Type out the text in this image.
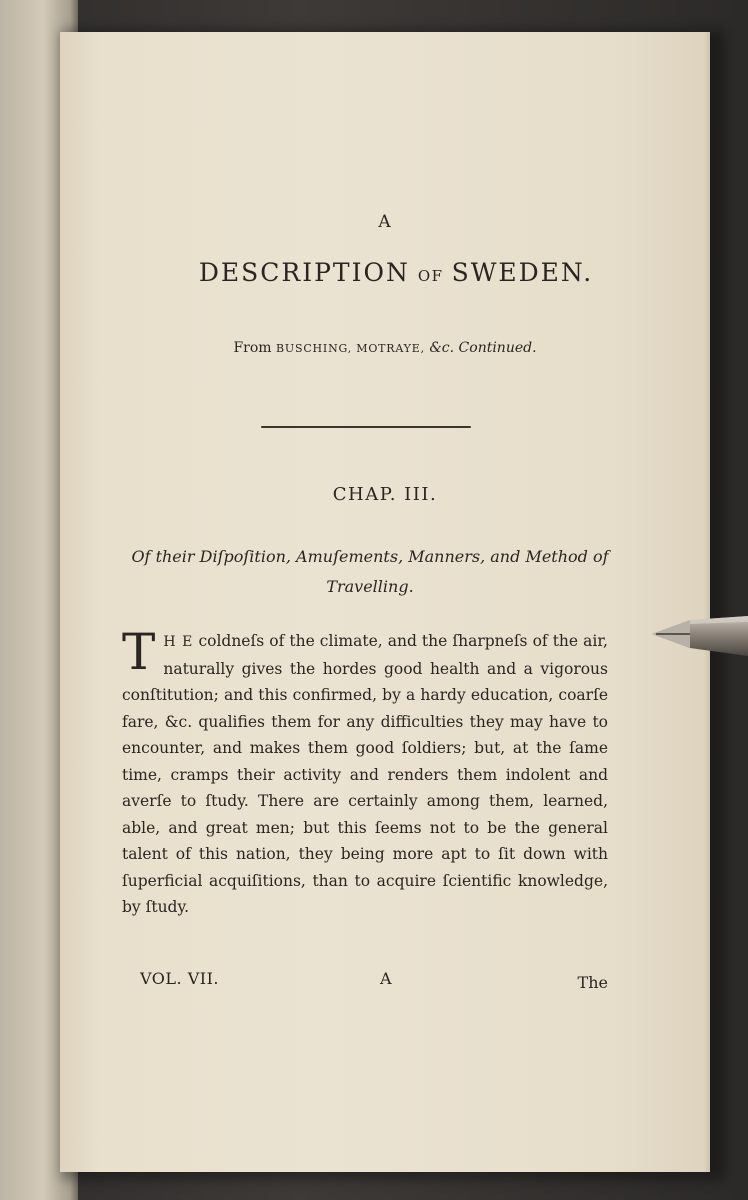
A

DESCRIPTION OF SWEDEN.

From BUSCHING, MOTRAYE, &c. Continued.

CHAP. III.

Of their Diſpoſition, Amuſements, Manners, and Method of Travelling.

T H E coldneſs of the climate, and the ſharpneſs of the air, naturally gives the hordes good health and a vigorous conſtitution; and this confirmed, by a hardy education, coarſe fare, &c. qualifies them for any difficulties they may have to encounter, and makes them good ſoldiers; but, at the ſame time, cramps their activity and renders them indolent and averſe to ſtudy. There are certainly among them, learned, able, and great men; but this ſeems not to be the general talent of this nation, they being more apt to ſit down with ſuperficial acquiſitions, than to acquire ſcientific knowledge, by ſtudy.

VOL. VII.	A	The
